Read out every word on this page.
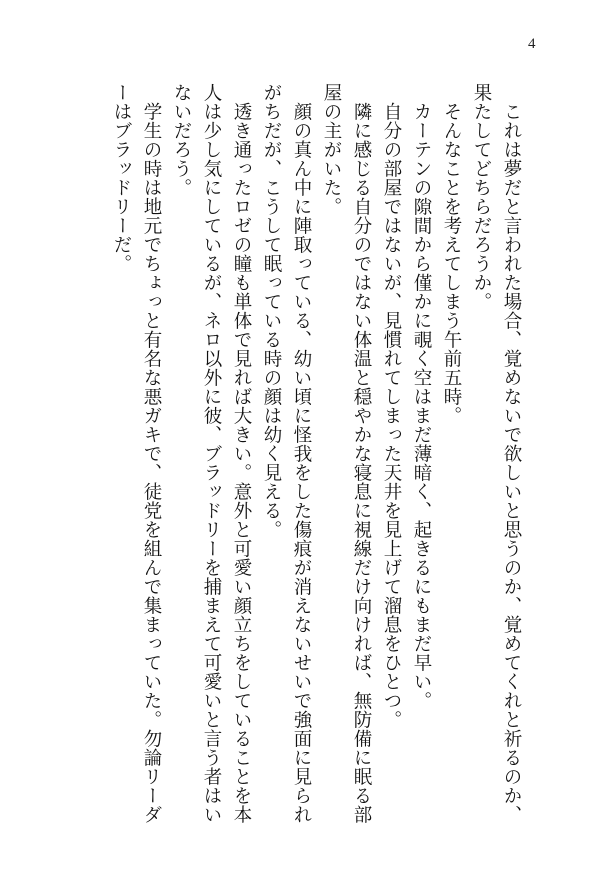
4
　これは夢だと言われた場合、覚めないで欲しいと思うのか、覚めてくれと祈るのか、
果たしてどちらだろうか。
　そんなことを考えてしまう午前五時。
　カーテンの隙間から僅かに覗く空はまだ薄暗く、起きるにもまだ早い。
　自分の部屋ではないが、見慣れてしまった天井を見上げて溜息をひとつ。
　隣に感じる自分のではない体温と穏やかな寝息に視線だけ向ければ、無防備に眠る部
屋の主がいた。
　顔の真ん中に陣取っている、幼い頃に怪我をした傷痕が消えないせいで強面に見られ
がちだが、こうして眠っている時の顔は幼く見える。
　透き通ったロゼの瞳も単体で見れば大きい。意外と可愛い顔立ちをしていることを本
人は少し気にしているが、ネロ以外に彼、ブラッドリーを捕まえて可愛いと言う者はい
ないだろう。
　学生の時は地元でちょっと有名な悪ガキで、徒党を組んで集まっていた。勿論リーダ
ーはブラッドリーだ。
